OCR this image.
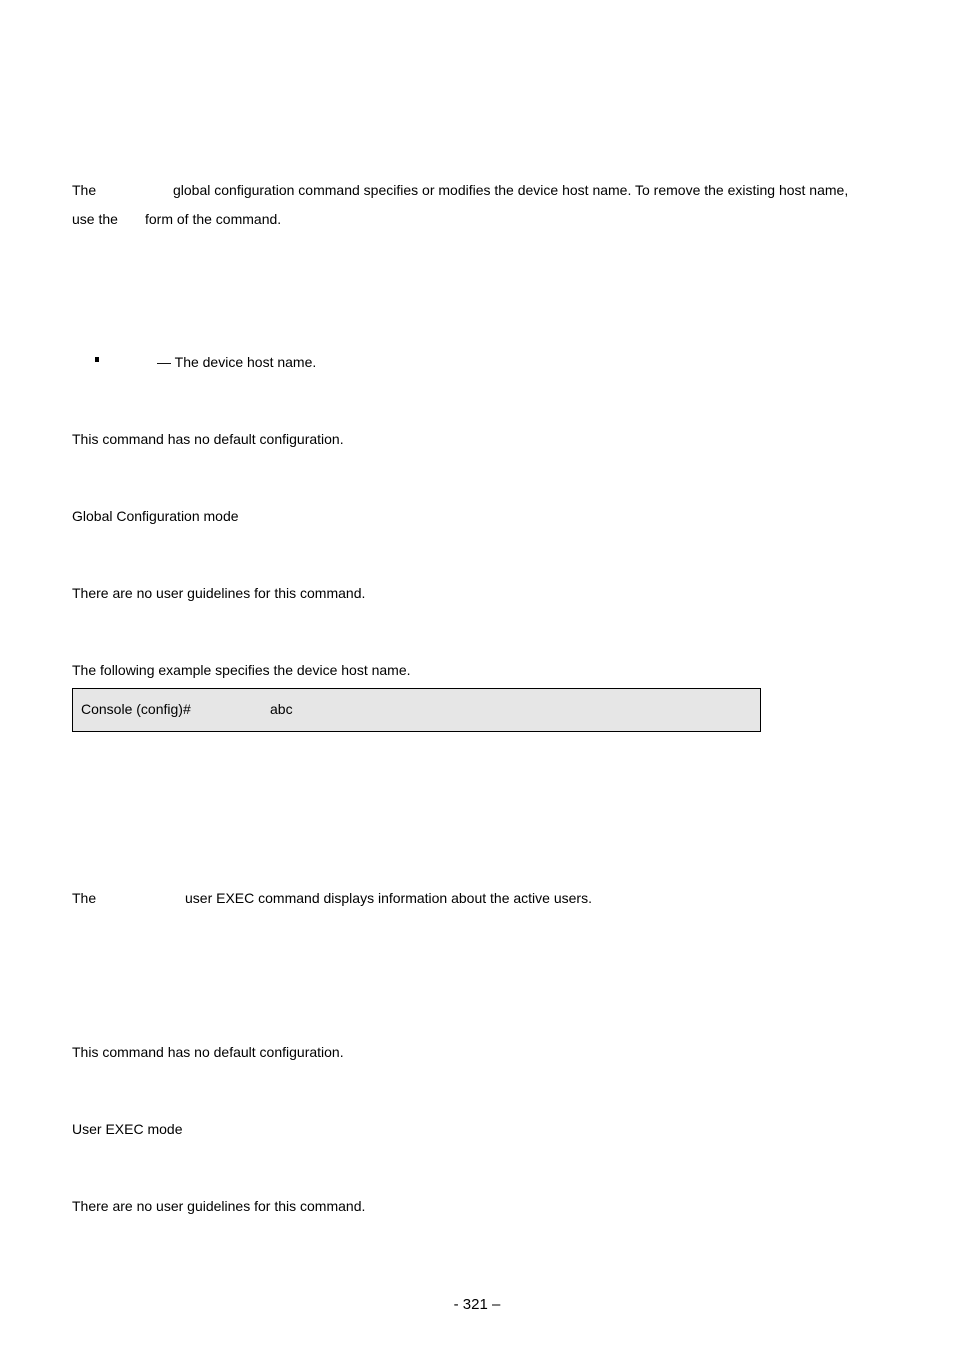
The	global configuration command specifies or modifies the device host name. To remove the existing host name,
use the form of the command.
— The device host name.
This command has no default configuration.
Global Configuration mode
There are no user guidelines for this command.
The following example specifies the device host name.
Console (config)#	abc
The	user EXEC command displays information about the active users.
This command has no default configuration.
User EXEC mode
There are no user guidelines for this command.
- 321 –
